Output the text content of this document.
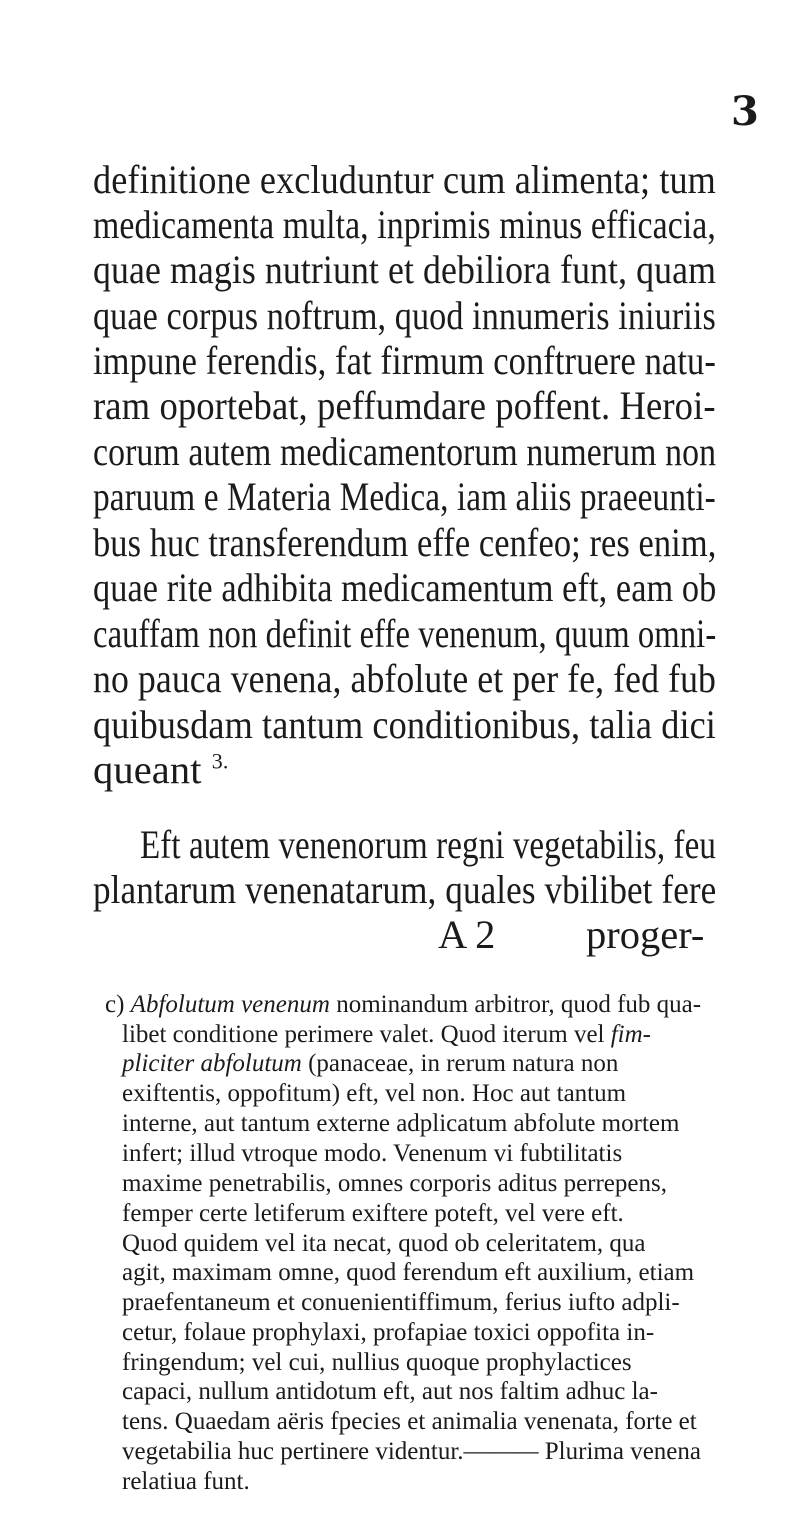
3
definitione excluduntur cum alimenta; tum
medicamenta multa, inprimis minus efficacia,
quae magis nutriunt et debiliora funt, quam
quae corpus noftrum, quod innumeris iniuriis
impune ferendis, fat firmum conftruere natu-
ram oportebat, peffumdare poffent. Heroi-
corum autem medicamentorum numerum non
paruum e Materia Medica, iam aliis praeeunti-
bus huc transferendum effe cenfeo; res enim,
quae rite adhibita medicamentum eft, eam ob
cauffam non definit effe venenum, quum omni-
no pauca venena, abfolute et per fe, fed fub
quibusdam tantum conditionibus, talia dici
queant $^{3.}$
Eft autem venenorum regni vegetabilis, feu
plantarum venenatarum, quales vbilibet fere
A 2 proger-
c) Abfolutum venenum nominandum arbitror, quod fub qua-
libet conditione perimere valet. Quod iterum vel fim-
pliciter abfolutum (panaceae, in rerum natura non
exiftentis, oppofitum) eft, vel non. Hoc aut tantum
interne, aut tantum externe adplicatum abfolute mortem
infert; illud vtroque modo. Venenum vi fubtilitatis
maxime penetrabilis, omnes corporis aditus perrepens,
femper certe letiferum exiftere poteft, vel vere eft.
Quod quidem vel ita necat, quod ob celeritatem, qua
agit, maximam omne, quod ferendum eft auxilium, etiam
praefentaneum et conuenientiffimum, ferius iufto adpli-
cetur, folaue prophylaxi, profapiae toxici oppofita in-
fringendum; vel cui, nullius quoque prophylactices
capaci, nullum antidotum eft, aut nos faltim adhuc la-
tens. Quaedam aëris fpecies et animalia venenata, forte et
vegetabilia huc pertinere videntur.——— Plurima venena
relatiua funt.
